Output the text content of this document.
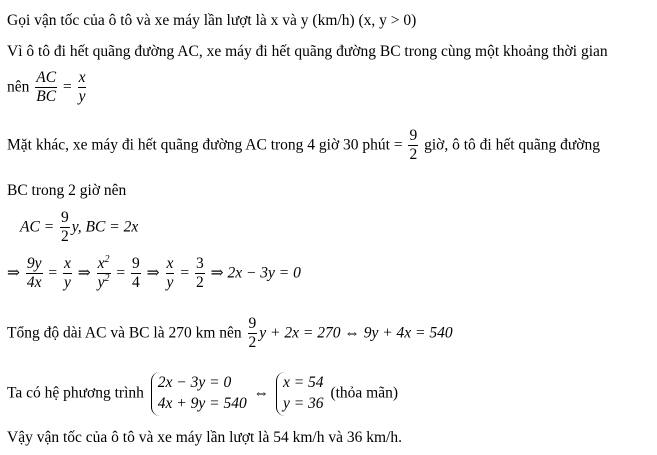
Gọi vận tốc của ô tô và xe máy lần lượt là x và y (km/h) (x, y > 0)
Vì ô tô đi hết quãng đường AC, xe máy đi hết quãng đường BC trong cùng một khoảng thời gian
nên $\frac{AC}{BC} = \frac{x}{y}$
Mặt khác, xe máy đi hết quãng đường AC trong 4 giờ 30 phút = $\frac{9}{2}$ giờ, ô tô đi hết quãng đường
BC trong 2 giờ nên
AC = $\frac{9}{2} y$, BC = 2x
⇒ $\frac{9y}{4x} = \frac{x}{y}$ ⇒ $\frac{x^2}{y^2} = \frac{9}{4}$ ⇒ $\frac{x}{y} = \frac{3}{2}$ ⇒ 2x − 3y = 0
Tổng độ dài AC và BC là 270 km nên $\frac{9}{2}$ y + 2x = 270 ⇔ 9y + 4x = 540
Ta có hệ phương trình
2x − 3y = 0
4x + 9y = 540
⇔
x = 54
y = 36
(thỏa mãn)
Vậy vận tốc của ô tô và xe máy lần lượt là 54 km/h và 36 km/h.
